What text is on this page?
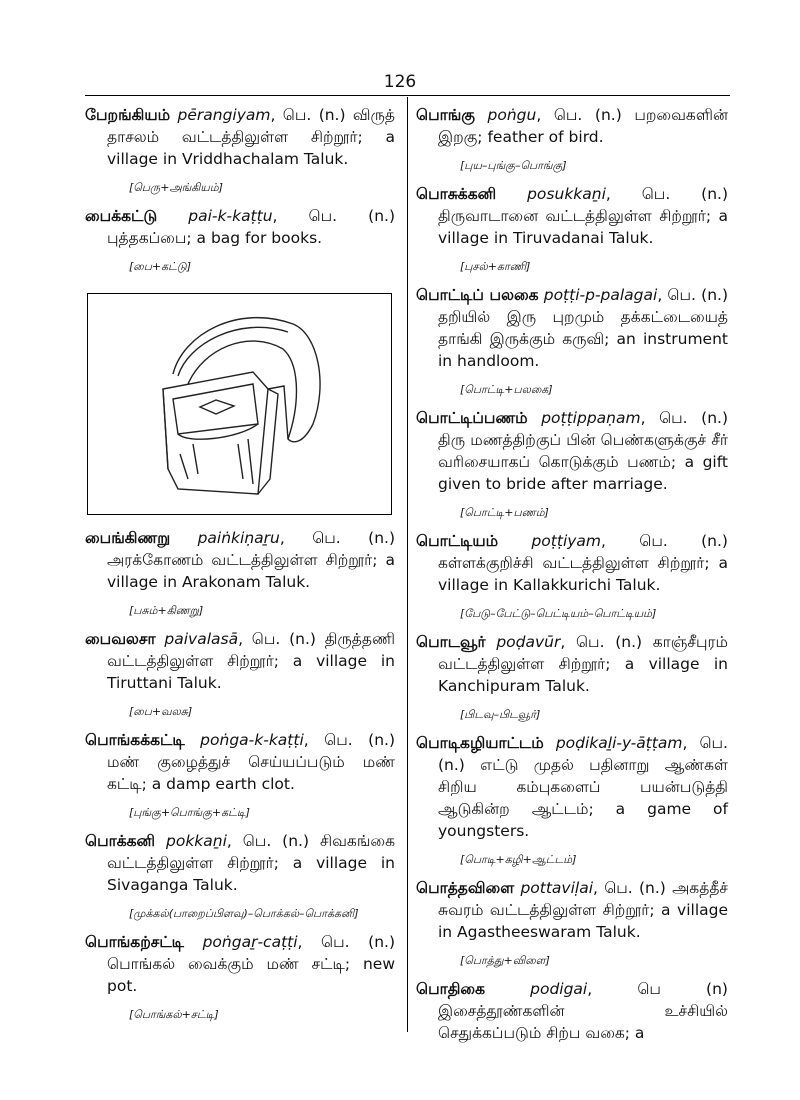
126

பேறங்கியம் pērangiyam, பெ. (n.) விருத் தாசலம் வட்டத்திலுள்ள சிற்றூர்; a village in Vriddhachalam Taluk.

[பெரு+அங்கியம்]

பைக்கட்டு pai-k-kaṭṭu, பெ. (n.) புத்தகப்பை; a bag for books.

[பை+கட்டு]

பைங்கிணறு paiṅkiṇaṟu, பெ. (n.) அரக்கோணம் வட்டத்திலுள்ள சிற்றூர்; a village in Arakonam Taluk.

[பசும்+கிணறு]

பைவலசா paivalasā, பெ. (n.) திருத்தணி வட்டத்திலுள்ள சிற்றூர்; a village in Tiruttani Taluk.

[பை+வலசு]

பொங்கக்கட்டி poṅga-k-kaṭṭi, பெ. (n.) மண் குழைத்துச் செய்யப்படும் மண் கட்டி; a damp earth clot.

[புங்கு+பொங்கு+கட்டி]

பொக்கனி pokkaṉi, பெ. (n.) சிவகங்கை வட்டத்திலுள்ள சிற்றூர்; a village in Sivaganga Taluk.

[முக்கல்(பாறைப்பிளவு)–பொக்கல்–பொக்கனி]

பொங்கற்சட்டி poṅgaṟ-caṭṭi, பெ. (n.) பொங்கல் வைக்கும் மண் சட்டி; new pot.

[பொங்கல்+சட்டி]

பொங்கு poṅgu, பெ. (n.) பறவைகளின் இறகு; feather of bird.

[புய–புங்கு–பொங்கு]

பொசுக்கனி posukkaṉi, பெ. (n.) திருவாடானை வட்டத்திலுள்ள சிற்றூர்; a village in Tiruvadanai Taluk.

[புசல்+காணி]

பொட்டிப் பலகை poṭṭi-p-palagai, பெ. (n.) தறியில் இரு புறமும் தக்கட்டையைத் தாங்கி இருக்கும் கருவி; an instrument in handloom.

[பொட்டி+பலகை]

பொட்டிப்பணம் poṭṭippaṇam, பெ. (n.) திரு மணத்திற்குப் பின் பெண்களுக்குச் சீர் வரிசையாகப் கொடுக்கும் பணம்; a gift given to bride after marriage.

[பொட்டி+பணம்]

பொட்டியம் poṭṭiyam, பெ. (n.) கள்ளக்குறிச்சி வட்டத்திலுள்ள சிற்றூர்; a village in Kallakkurichi Taluk.

[பேடு–பேட்டு–பெட்டியம்–பொட்டியம்]

பொடவூர் poḍavūr, பெ. (n.) காஞ்சீபுரம் வட்டத்திலுள்ள சிற்றூர்; a village in Kanchipuram Taluk.

[பிடவு–பிடவூர்]

பொடிகழியாட்டம் poḍikaḻi-y-āṭṭam, பெ. (n.) எட்டு முதல் பதினாறு ஆண்கள் சிறிய கம்புகளைப் பயன்படுத்தி ஆடுகின்ற ஆட்டம்; a game of youngsters.

[பொடி+கழி+ஆட்டம்]

பொத்தவிளை pottaviḷai, பெ. (n.) அகத்தீச் சுவரம் வட்டத்திலுள்ள சிற்றூர்; a village in Agastheeswaram Taluk.

[பொத்து+விளை]

பொதிகை	podigai, பெ (n) இசைத்தூண்களின் உச்சியில் செதுக்கப்படும் சிற்ப வகை; a
